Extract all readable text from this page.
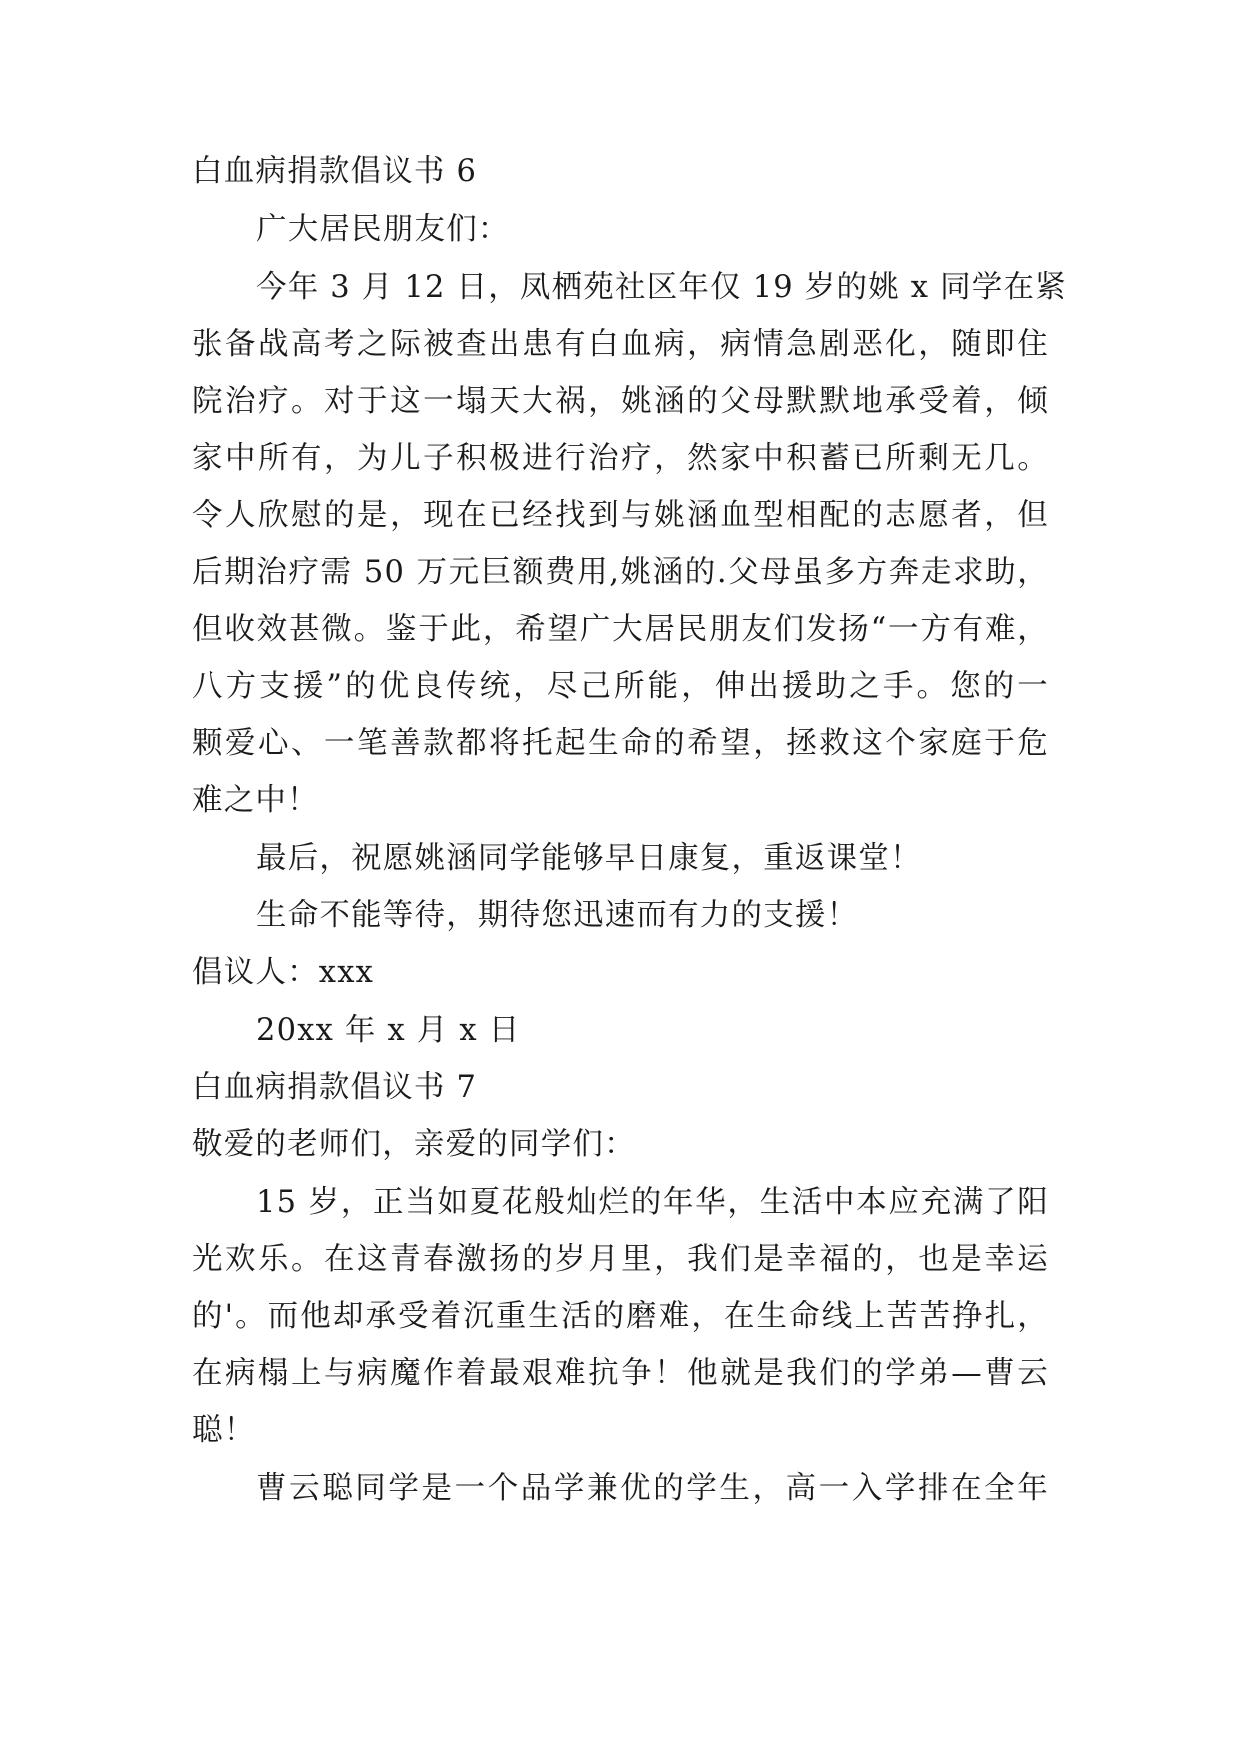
白血病捐款倡议书 6
广大居民朋友们：
今年 3 月 12 日，凤栖苑社区年仅 19 岁的姚 x 同学在紧
张备战高考之际被查出患有白血病，病情急剧恶化，随即住
院治疗。对于这一塌天大祸，姚涵的父母默默地承受着，倾
家中所有，为儿子积极进行治疗，然家中积蓄已所剩无几。
令人欣慰的是，现在已经找到与姚涵血型相配的志愿者，但
后期治疗需 50 万元巨额费用,姚涵的.父母虽多方奔走求助，
但收效甚微。鉴于此，希望广大居民朋友们发扬“一方有难，
八方支援”的优良传统，尽己所能，伸出援助之手。您的一
颗爱心、一笔善款都将托起生命的希望，拯救这个家庭于危
难之中！
最后，祝愿姚涵同学能够早日康复，重返课堂！
生命不能等待，期待您迅速而有力的支援！
倡议人：xxx
20xx 年 x 月 x 日
白血病捐款倡议书 7
敬爱的老师们，亲爱的同学们：
15 岁，正当如夏花般灿烂的年华，生活中本应充满了阳
光欢乐。在这青春激扬的岁月里，我们是幸福的，也是幸运
的'。而他却承受着沉重生活的磨难，在生命线上苦苦挣扎，
在病榻上与病魔作着最艰难抗争！他就是我们的学弟—曹云
聪！
曹云聪同学是一个品学兼优的学生，高一入学排在全年
